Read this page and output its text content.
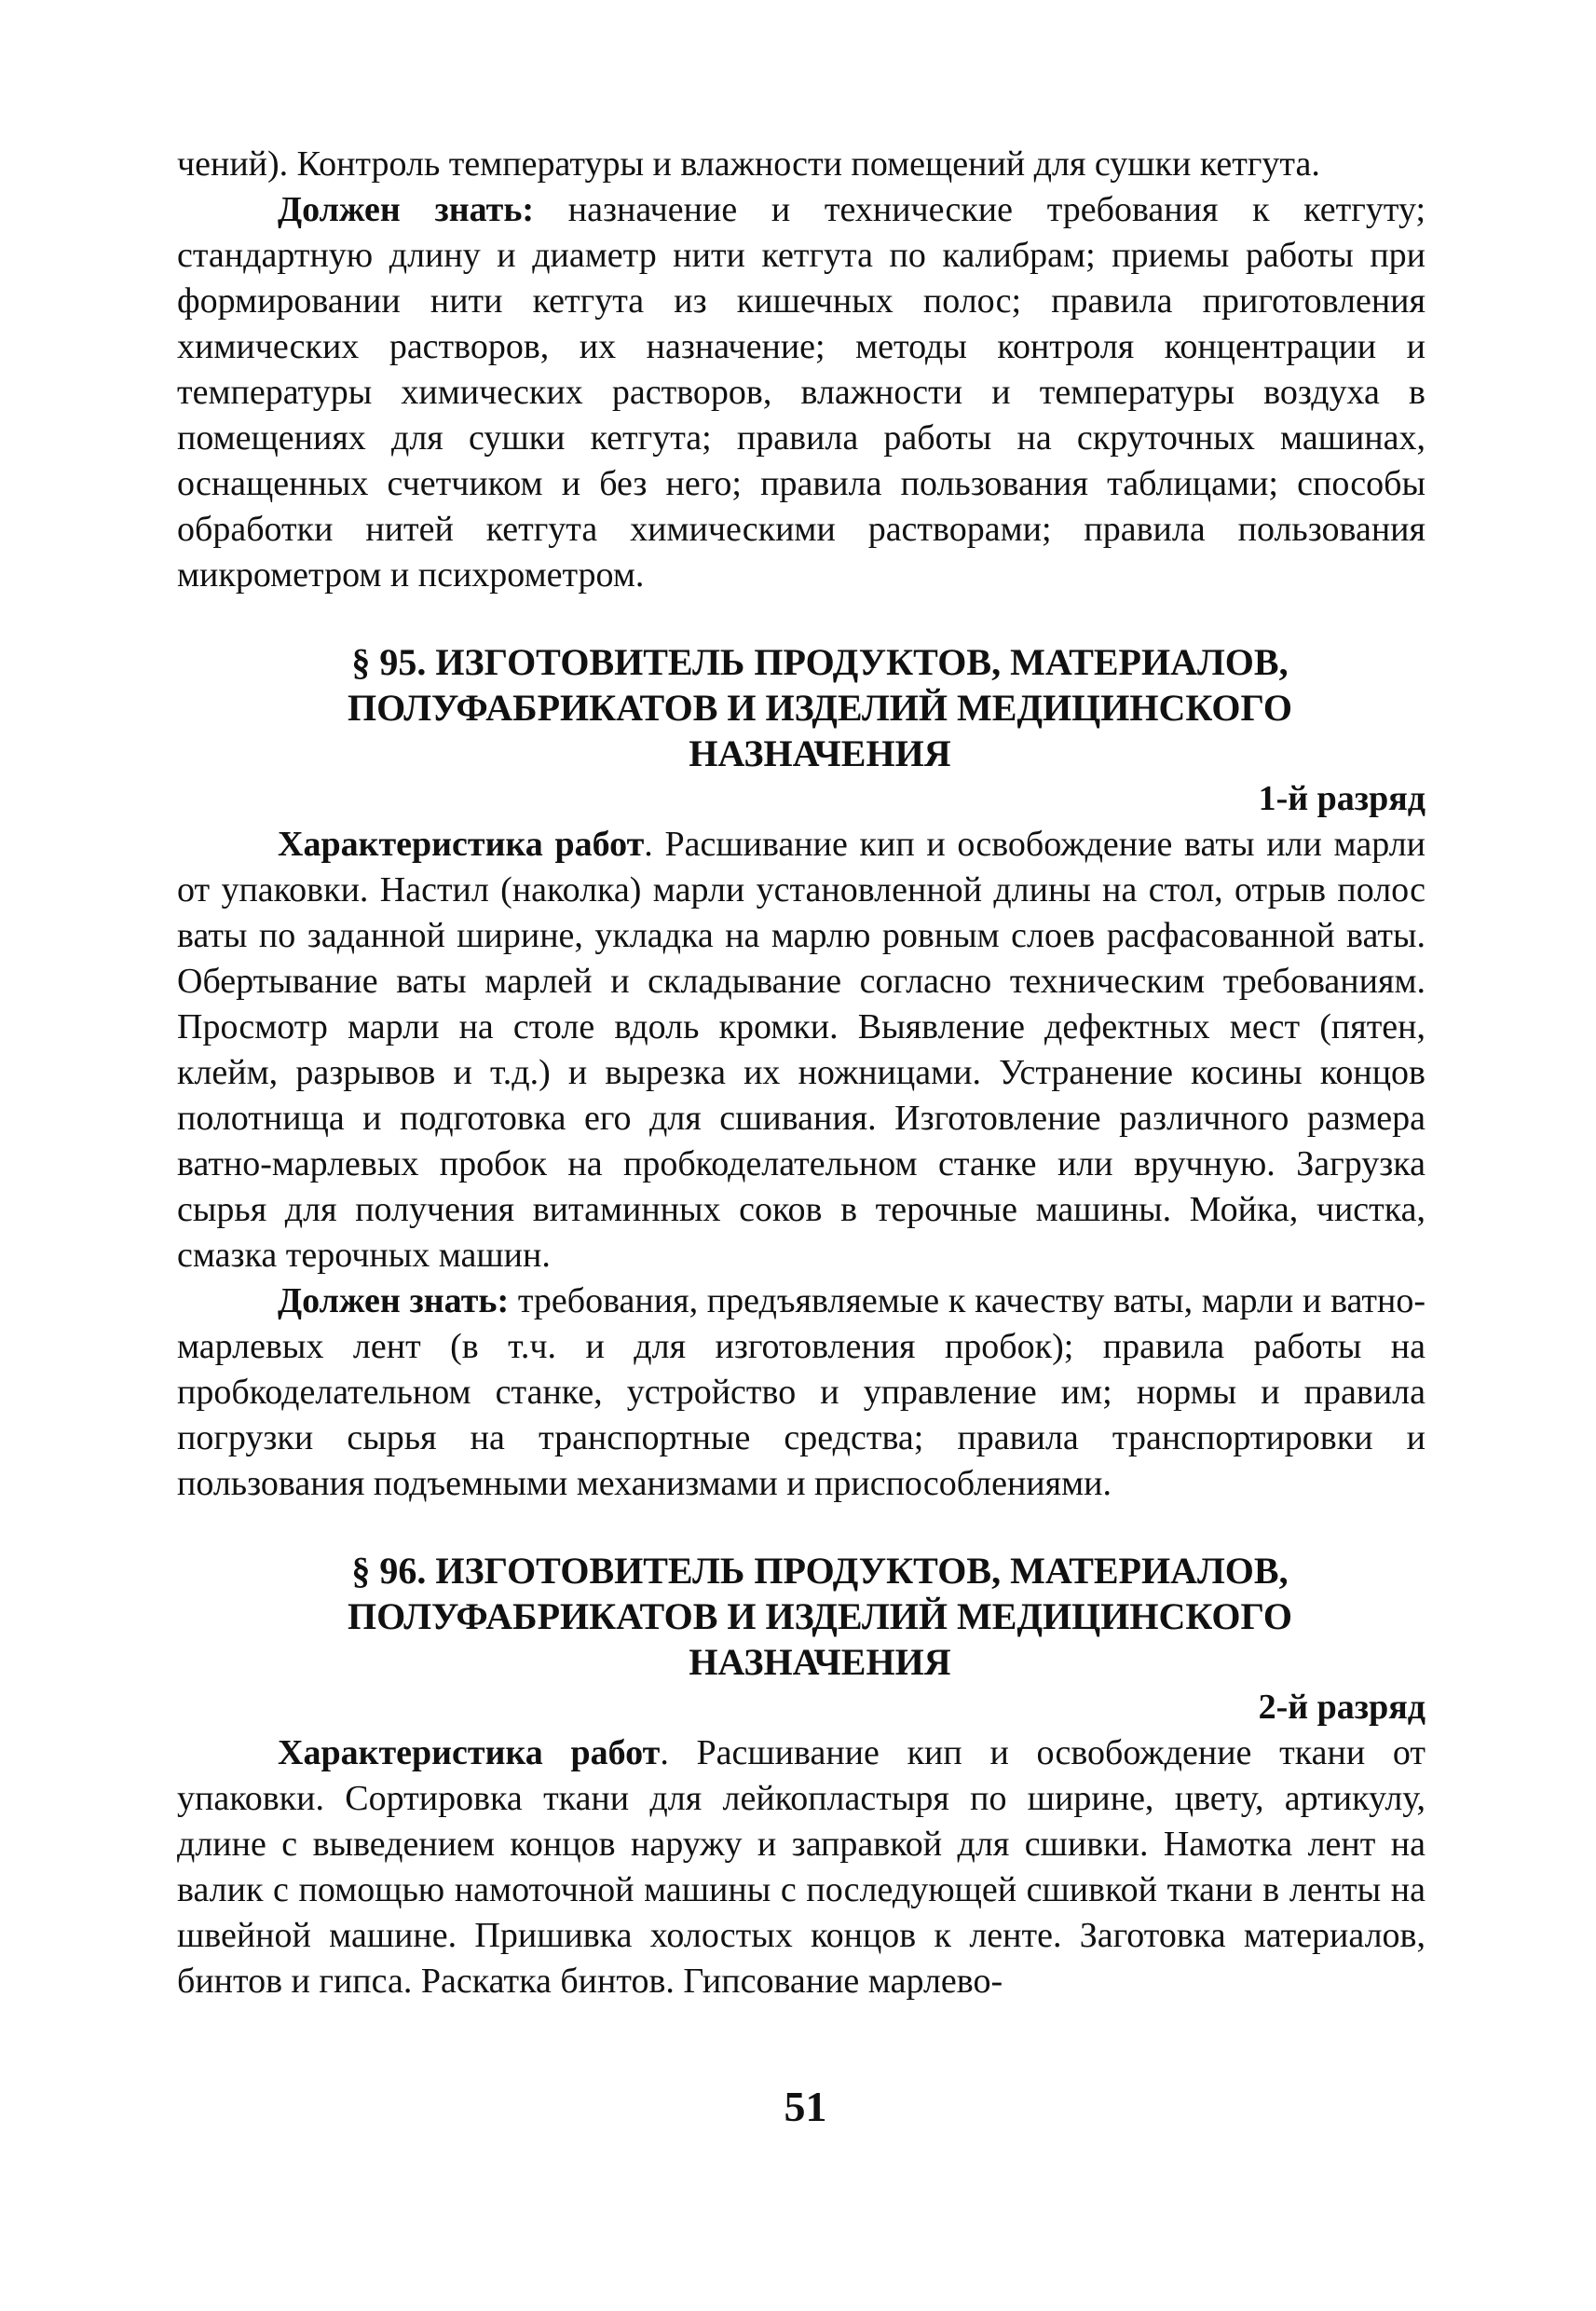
чений). Контроль температуры и влажности помещений для сушки кетгута.

Должен знать: назначение и технические требования к кетгуту; стандартную длину и диаметр нити кетгута по калибрам; приемы работы при формировании нити кетгута из кишечных полос; правила приготовления химических растворов, их назначение; методы контроля концентрации и температуры химических растворов, влажности и температуры воздуха в помещениях для сушки кетгута; правила работы на скруточных машинах, оснащенных счетчиком и без него; правила пользования таблицами; способы обработки нитей кетгута химическими растворами; правила пользования микрометром и психрометром.

§ 95. ИЗГОТОВИТЕЛЬ ПРОДУКТОВ, МАТЕРИАЛОВ,
ПОЛУФАБРИКАТОВ И ИЗДЕЛИЙ МЕДИЦИНСКОГО
НАЗНАЧЕНИЯ

1-й разряд

Характеристика работ. Расшивание кип и освобождение ваты или марли от упаковки. Настил (наколка) марли установленной длины на стол, отрыв полос ваты по заданной ширине, укладка на марлю ровным слоев расфасованной ваты. Обертывание ваты марлей и складывание согласно техническим требованиям. Просмотр марли на столе вдоль кромки. Выявление дефектных мест (пятен, клейм, разрывов и т.д.) и вырезка их ножницами. Устранение косины концов полотнища и подготовка его для сшивания. Изготовление различного размера ватно-марлевых пробок на пробкоделательном станке или вручную. Загрузка сырья для получения витаминных соков в терочные машины. Мойка, чистка, смазка терочных машин.

Должен знать: требования, предъявляемые к качеству ваты, марли и ватно-марлевых лент (в т.ч. и для изготовления пробок); правила работы на пробкоделательном станке, устройство и управление им; нормы и правила погрузки сырья на транспортные средства; правила транспортировки и пользования подъемными механизмами и приспособлениями.

§ 96. ИЗГОТОВИТЕЛЬ ПРОДУКТОВ, МАТЕРИАЛОВ,
ПОЛУФАБРИКАТОВ И ИЗДЕЛИЙ МЕДИЦИНСКОГО
НАЗНАЧЕНИЯ

2-й разряд

Характеристика работ. Расшивание кип и освобождение ткани от упаковки. Сортировка ткани для лейкопластыря по ширине, цвету, артикулу, длине с выведением концов наружу и заправкой для сшивки. Намотка лент на валик с помощью намоточной машины с последующей сшивкой ткани в ленты на швейной машине. Пришивка холостых концов к ленте. Заготовка материалов, бинтов и гипса. Раскатка бинтов. Гипсование марлево-

51
